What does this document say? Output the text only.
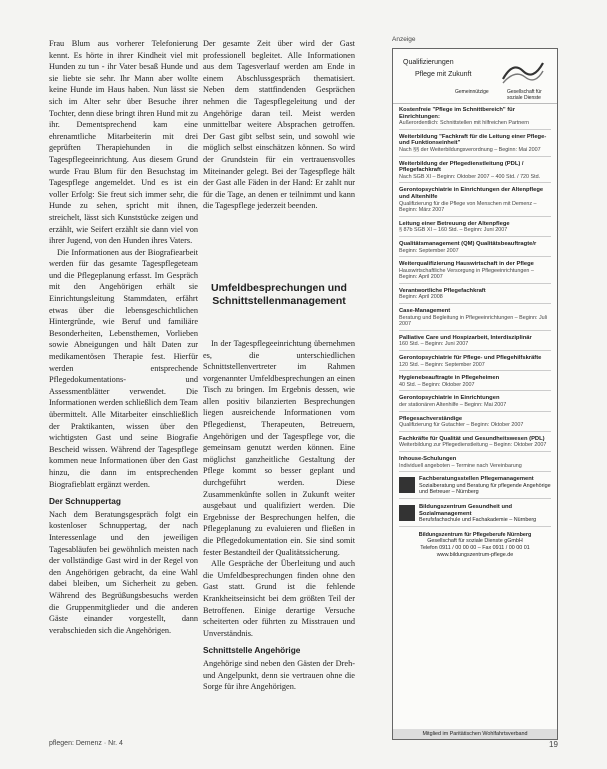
Frau Blum aus vorherer Telefonierung kennt. Es hörte in ihrer Kindheit viel mit Hunden zu tun - ihr Vater besaß Hunde und sie liebte sie sehr. Ihr Mann aber wollte keine Hunde im Haus haben. Nun lässt sie sich im Alter sehr über Besuche ihrer Tochter, denn diese bringt ihren Hund mit zu ihr. Dementsprechend kam eine ehrenamtliche Mitarbeiterin mit drei geprüften Therapiehunden in die Tagespflegeeinrichtung. Aus diesem Grund wurde Frau Blum für den Besuchstag im Tagespflege angemeldet. Und es ist ein voller Erfolg: Sie freut sich immer sehr, die Hunde zu sehen, spricht mit ihnen, streichelt, lässt sich Kunststücke zeigen und erzählt, wie Seifert erzählt sie dann viel von ihrer Jugend, von den Hunden ihres Vaters.

Die Informationen aus der Biografiearbeit werden für das gesamte Tagespflegeteam und die Pflegeplanung erfasst. Im Gespräch mit den Angehörigen erhält sie Einrichtungsleitung Stammdaten, erfährt etwas über die lebensgeschichtlichen Hintergründe, wie Beruf und familiäre Besonderheiten, Lebensthemen, Vorlieben sowie Abneigungen und hält Daten zur medikamentösen Therapie fest. Hierfür werden entsprechende Pflegedokumentations- und Assessmentblätter verwendet. Die Informationen werden schließlich dem Team übermittelt. Alle Mitarbeiter einschließlich der Praktikanten, wissen über den wichtigsten Gast und seine Biografie Bescheid wissen. Während der Tagespflege kommen neue Informationen über den Gast hinzu, die dann im entsprechenden Biografieblatt ergänzt werden.

Der Schnuppertag

Nach dem Beratungsgespräch folgt ein kostenloser Schnuppertag, der nach Interessenlage und den jeweiligen Tagesabläufen bei gewöhnlich meisten nach der vollständige Gast wird in der Regel von den Angehörigen gebracht, da eine Wahl dabei bleiben, um Sicherheit zu geben. Während des Begrüßungsbesuchs werden die Gruppenmitglieder und die anderen Gäste einander vorgestellt, dann verabschieden sich die Angehörigen.

Der gesamte Zeit über wird der Gast professionell begleitet. Alle Informationen aus dem Tagesverlauf werden am Ende in einem Abschlussgespräch thematisiert. Neben dem stattfindenden Gesprächen nehmen die Tagespflegeleitung und der Angehörige daran teil. Meist werden unmittelbar weitere Absprachen getroffen. Der Gast gibt selbst sein, und sowohl wie möglich selbst einschätzen können. So wird der Grundstein für ein vertrauensvolles Miteinander gelegt. Bei der Tagespflege hält der Gast alle Fäden in der Hand: Er zahlt nur für die Tage, an denen er teilnimmt und kann die Tagespflege jederzeit beenden.

Umfeldbesprechungen und Schnittstellenmanagement

In der Tagespflegeeinrichtung übernehmen es, die unterschiedlichen Schnittstellenvertreter im Rahmen vorgenannter Umfeldbesprechungen an einen Tisch zu bringen. Im Ergebnis dessen, wie allen positiv bilanzierten Besprechungen liegen ausreichende Informationen vom Pflegedienst, Therapeuten, Betreuern, Angehörigen und der Tagespflege vor, die gemeinsam genutzt werden können. Eine möglichst ganzheitliche Gestaltung der Pflege kommt so besser geplant und durchgeführt werden. Diese Zusammenkünfte sollen in Zukunft weiter ausgebaut und qualifiziert werden. Die Ergebnisse der Besprechungen helfen, die Pflegeplanung zu evaluieren und fließen in die Pflegedokumentation ein. Sie sind somit fester Bestandteil der Qualitätssicherung.

Alle Gespräche der Überleitung und auch die Umfeldbesprechungen finden ohne den Gast statt. Grund ist die fehlende Krankheitseinsicht bei dem größten Teil der Betroffenen. Einige derartige Versuche scheiterten oder führten zu Misstrauen und Unverständnis.

Schnittstelle Angehörige

Angehörige sind neben den Gästen der Dreh- und Angelpunkt, denn sie vertrauen ohne die Sorge für ihre Angehörigen.

Anzeige
Qualifizierungen
Pflege mit Zukunft
Gemeinnützige	Gesellschaft für soziale Dienste
Kostenfreie "Pflege im Schnittbereich" für Einrichtungen:
Außerordentlich: Schnittstellen mit hilfreichen Partnern
Weiterbildung "Fachkraft für die Leitung einer Pflege- und Funktionseinheit"
Nach §§ der Weiterbildungsverordnung – Beginn: Mai 2007
Weiterbildung der Pflegedienstleitung (PDL) / Pflegefachkraft
Nach SGB XI – Beginn: Oktober 2007 – 400 Std. / 720 Std.
Gerontopsychiatrie in Einrichtungen der Altenpflege und Altenhilfe
Qualifizierung für die Pflege von Menschen mit Demenz – Beginn: März 2007
Leitung einer Betreuung der Altenpflege
§ 87b SGB XI – 160 Std. – Beginn: Juni 2007
Qualitätsmanagement (QM) Qualitätsbeauftragte/r
Beginn: September 2007
Weiterqualifizierung Hauswirtschaft in der Pflege
Hauswirtschaftliche Versorgung in Pflegeeinrichtungen – Beginn: April 2007
Verantwortliche Pflegefachkraft
Beginn: April 2008
Case-Management
Beratung und Begleitung in Pflegeeinrichtungen – Beginn: Juli 2007
Palliative Care und Hospizarbeit, Interdisziplinär
160 Std. – Beginn: Juni 2007
Gerontopsychiatrie für Pflege- und Pflegehilfskräfte
120 Std. – Beginn: September 2007
Hygienebeauftragte in Pflegeheimen
40 Std. – Beginn: Oktober 2007
Gerontopsychiatrie in Einrichtungen
der stationären Altenhilfe – Beginn: Mai 2007
Pflegesachverständige
Qualifizierung für Gutachter – Beginn: Oktober 2007
Fachkräfte für Qualität und Gesundheitswesen (PDL)
Weiterbildung zur Pflegedienstleitung – Beginn: Oktober 2007
Inhouse-Schulungen
Individuell angeboten – Termine nach Vereinbarung
Fachberatungsstellen Pflegemanagement
Sozialberatung und Beratung für pflegende Angehörige und Betreuer – Nürnberg
Bildungszentrum Gesundheit und Sozialmanagement
Berufsfachschule und Fachakademie – Nürnberg
Bildungszentrum für Pflegeberufe Nürnberg
Gesellschaft für soziale Dienste gGmbH
Telefon 0911 / 00 00 00 – Fax 0911 / 00 00 01
www.bildungszentrum-pflege.de
Mitglied im Paritätischen Wohlfahrtsverband
pflegen: Demenz · Nr. 4	19
